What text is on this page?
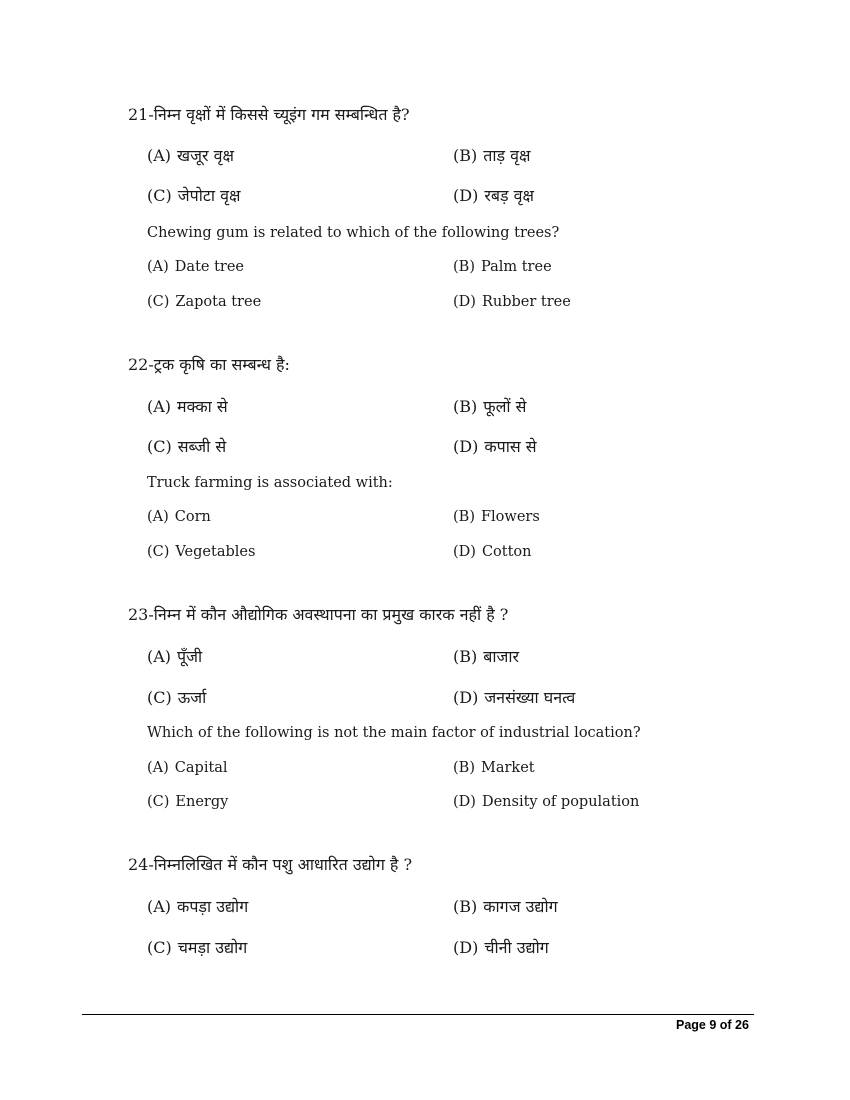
21-निम्न वृक्षों में किससे च्यूइंग गम सम्बन्धित है?
(A) खजूर वृक्ष	(B) ताड़ वृक्ष
(C) जेपोटा वृक्ष	(D) रबड़ वृक्ष
Chewing gum is related to which of the following trees?
(A) Date tree	(B) Palm tree
(C) Zapota tree	(D) Rubber tree
22-ट्रक कृषि का सम्बन्ध है:
(A) मक्का से	(B) फूलों से
(C) सब्जी से	(D) कपास से
Truck farming is associated with:
(A) Corn	(B) Flowers
(C) Vegetables	(D) Cotton
23-निम्न में कौन औद्योगिक अवस्थापना का प्रमुख कारक नहीं है ?
(A) पूँजी	(B) बाजार
(C) ऊर्जा	(D) जनसंख्या घनत्व
Which of the following is not the main factor of industrial location?
(A) Capital	(B) Market
(C) Energy	(D) Density of population
24-निम्नलिखित में कौन पशु आधारित उद्योग है ?
(A) कपड़ा उद्योग	(B) कागज उद्योग
(C) चमड़ा उद्योग	(D) चीनी उद्योग
Page 9 of 26
